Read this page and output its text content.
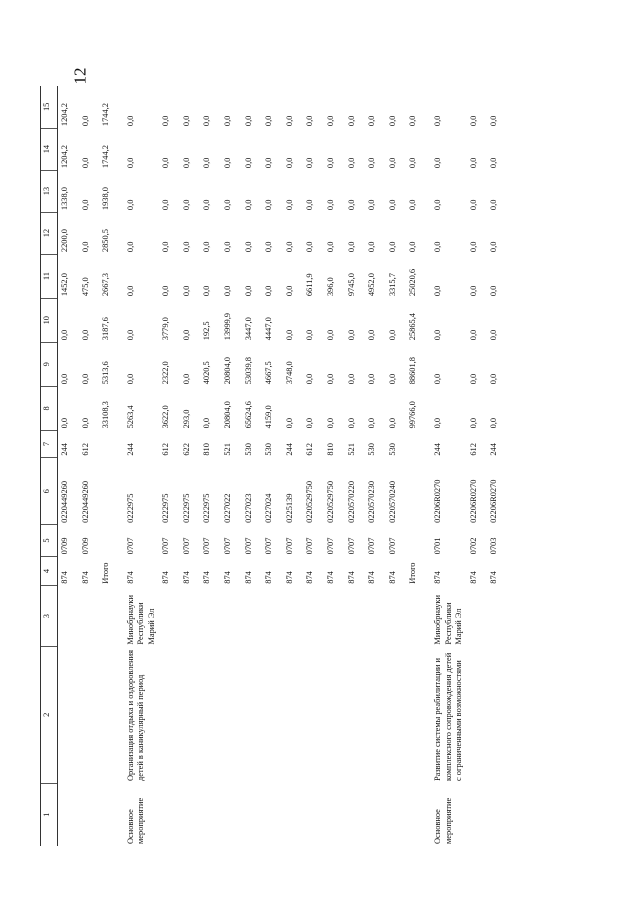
12
1	2	3	4	5	6	7	8	9	10	11	12	13	14	15
			874	0709	0220449260	244	0,0	0,0	0,0	1452,0	2200,0	1338,0	1204,2	1204,2
			874	0709	0220449260	612	0,0	0,0	0,0	475,0	0,0	0,0	0,0	0,0
			Итого				33108,3	5313,6	3187,6	2667,3	2850,5	1938,0	1744,2	1744,2
Основное мероприятие	Организация отдыха и оздоровления детей в каникулярный период	Минобрнауки Республики Марий Эл	874	0707	0222975	244	5263,4	0,0	0,0	0,0	0,0	0,0	0,0	0,0
			874	0707	0222975	612	3622,0	2322,0	3779,0	0,0	0,0	0,0	0,0	0,0
			874	0707	0222975	622	293,0	0,0	0,0	0,0	0,0	0,0	0,0	0,0
			874	0707	0222975	810	0,0	4020,5	192,5	0,0	0,0	0,0	0,0	0,0
			874	0707	0227022	521	20804,0	20804,0	13999,9	0,0	0,0	0,0	0,0	0,0
			874	0707	0227023	530	65624,6	53039,8	3447,0	0,0	0,0	0,0	0,0	0,0
			874	0707	0227024	530	4159,0	4667,5	4447,0	0,0	0,0	0,0	0,0	0,0
			874	0707	0225139	244	0,0	3748,0	0,0	0,0	0,0	0,0	0,0	0,0
			874	0707	0220529750	612	0,0	0,0	0,0	6611,9	0,0	0,0	0,0	0,0
			874	0707	0220529750	810	0,0	0,0	0,0	396,0	0,0	0,0	0,0	0,0
			874	0707	0220570220	521	0,0	0,0	0,0	9745,0	0,0	0,0	0,0	0,0
			874	0707	0220570230	530	0,0	0,0	0,0	4952,0	0,0	0,0	0,0	0,0
			874	0707	0220570240	530	0,0	0,0	0,0	3315,7	0,0	0,0	0,0	0,0
			Итого				99766,0	88601,8	25865,4	25020,6	0,0	0,0	0,0	0,0
Основное мероприятие	Развитие системы реабилитации и комплексного сопровождения детей с ограниченными возможностями	Минобрнауки Республики Марий Эл	874	0701	02206R0270	244	0,0	0,0	0,0	0,0	0,0	0,0	0,0	0,0
			874	0702	02206R0270	612	0,0	0,0	0,0	0,0	0,0	0,0	0,0	0,0
			874	0703	02206R0270	244	0,0	0,0	0,0	0,0	0,0	0,0	0,0	0,0
